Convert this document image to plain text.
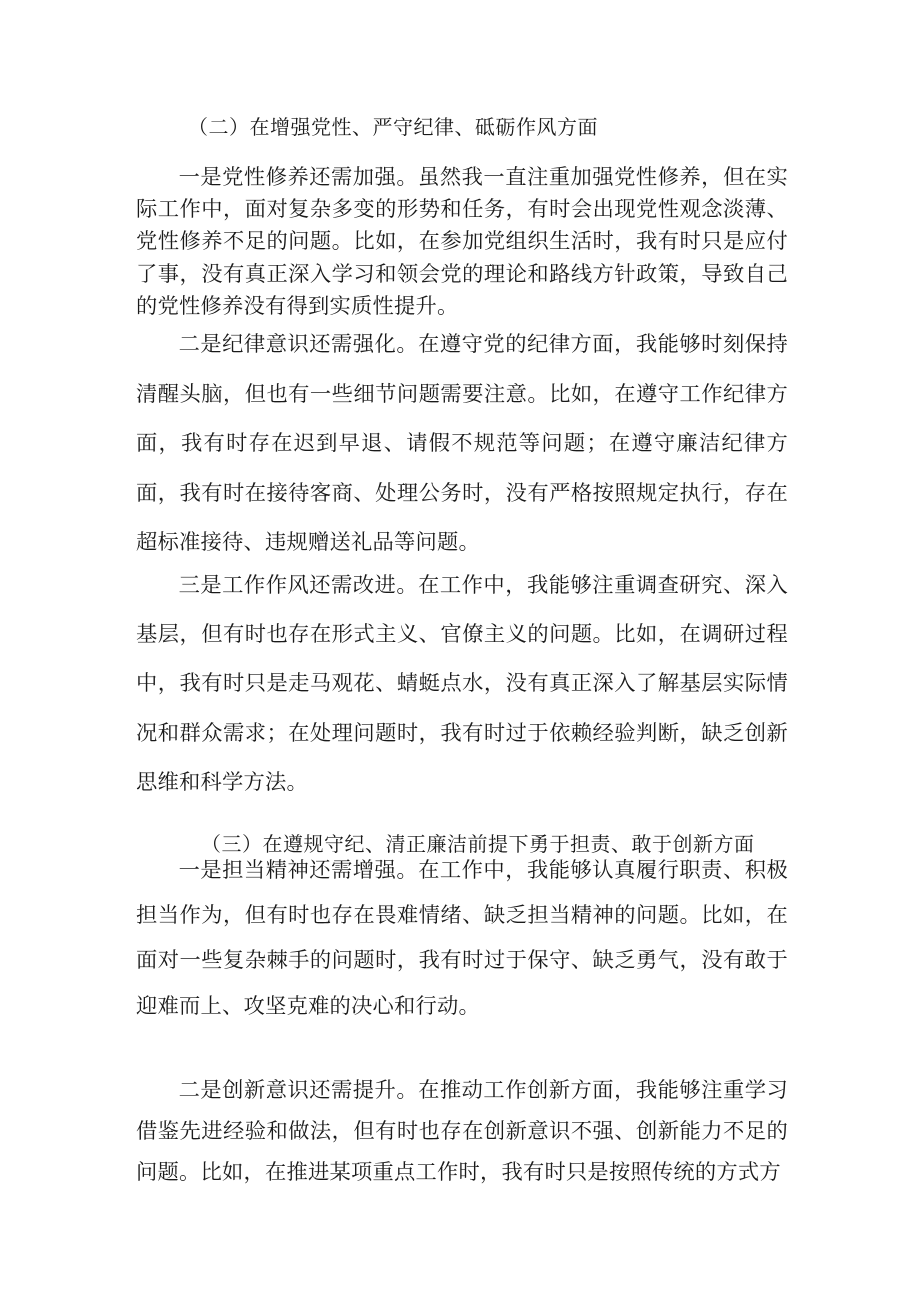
（二）在增强党性、严守纪律、砥砺作风方面

一是党性修养还需加强。虽然我一直注重加强党性修养，但在实际工作中，面对复杂多变的形势和任务，有时会出现党性观念淡薄、党性修养不足的问题。比如，在参加党组织生活时，我有时只是应付了事，没有真正深入学习和领会党的理论和路线方针政策，导致自己的党性修养没有得到实质性提升。

二是纪律意识还需强化。在遵守党的纪律方面，我能够时刻保持清醒头脑，但也有一些细节问题需要注意。比如，在遵守工作纪律方面，我有时存在迟到早退、请假不规范等问题；在遵守廉洁纪律方面，我有时在接待客商、处理公务时，没有严格按照规定执行，存在超标准接待、违规赠送礼品等问题。

三是工作作风还需改进。在工作中，我能够注重调查研究、深入基层，但有时也存在形式主义、官僚主义的问题。比如，在调研过程中，我有时只是走马观花、蜻蜓点水，没有真正深入了解基层实际情况和群众需求；在处理问题时，我有时过于依赖经验判断，缺乏创新思维和科学方法。

（三）在遵规守纪、清正廉洁前提下勇于担责、敢于创新方面

一是担当精神还需增强。在工作中，我能够认真履行职责、积极担当作为，但有时也存在畏难情绪、缺乏担当精神的问题。比如，在面对一些复杂棘手的问题时，我有时过于保守、缺乏勇气，没有敢于迎难而上、攻坚克难的决心和行动。

二是创新意识还需提升。在推动工作创新方面，我能够注重学习借鉴先进经验和做法，但有时也存在创新意识不强、创新能力不足的问题。比如，在推进某项重点工作时，我有时只是按照传统的方式方
